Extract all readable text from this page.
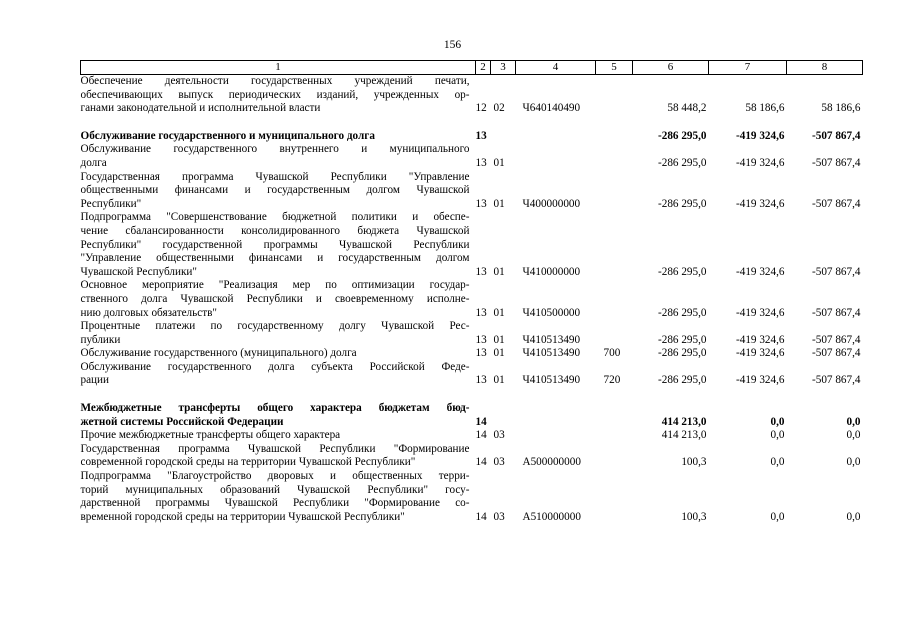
156
1	2	3	4	5	6	7	8

Обеспечение деятельности государственных учреждений печати,
обеспечивающих выпуск периодических изданий, учрежденных ор-
ганами законодательной и исполнительной власти	12	02	Ч640140490		58 448,2	58 186,6	58 186,6

Обслуживание государственного и муниципального долга	13				-286 295,0	-419 324,6	-507 867,4

Обслуживание государственного внутреннего и муниципального
долга	13	01			-286 295,0	-419 324,6	-507 867,4

Государственная программа Чувашской Республики "Управление
общественными финансами и государственным долгом Чувашской
Республики"	13	01	Ч400000000		-286 295,0	-419 324,6	-507 867,4

Подпрограмма "Совершенствование бюджетной политики и обеспе-
чение сбалансированности консолидированного бюджета Чувашской
Республики" государственной программы Чувашской Республики
"Управление общественными финансами и государственным долгом
Чувашской Республики"	13	01	Ч410000000		-286 295,0	-419 324,6	-507 867,4

Основное мероприятие "Реализация мер по оптимизации государ-
ственного долга Чувашской Республики и своевременному исполне-
нию долговых обязательств"	13	01	Ч410500000		-286 295,0	-419 324,6	-507 867,4

Процентные платежи по государственному долгу Чувашской Рес-
публики	13	01	Ч410513490		-286 295,0	-419 324,6	-507 867,4

Обслуживание государственного (муниципального) долга	13	01	Ч410513490	700	-286 295,0	-419 324,6	-507 867,4

Обслуживание государственного долга субъекта Российской Феде-
рации	13	01	Ч410513490	720	-286 295,0	-419 324,6	-507 867,4

Межбюджетные трансферты общего характера бюджетам бюд-
жетной системы Российской Федерации	14				414 213,0	0,0	0,0

Прочие межбюджетные трансферты общего характера	14	03			414 213,0	0,0	0,0

Государственная программа Чувашской Республики "Формирование
современной городской среды на территории Чувашской Республики"	14	03	А500000000		100,3	0,0	0,0

Подпрограмма "Благоустройство дворовых и общественных терри-
торий муниципальных образований Чувашской Республики" госу-
дарственной программы Чувашской Республики "Формирование со-
временной городской среды на территории Чувашской Республики"	14	03	А510000000		100,3	0,0	0,0
